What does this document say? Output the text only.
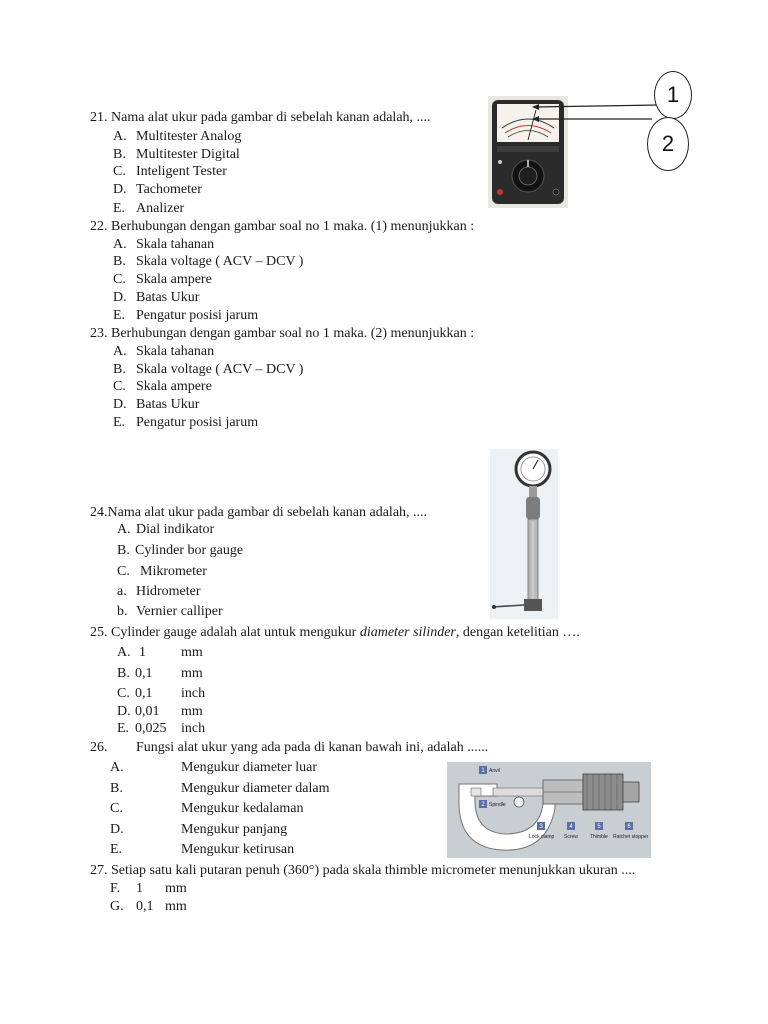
21. Nama alat ukur pada gambar di sebelah kanan adalah, ....
A. Multitester Analog
B. Multitester Digital
C. Inteligent Tester
D. Tachometer
E. Analizer
1
2
22. Berhubungan dengan gambar soal no 1 maka. (1) menunjukkan :
A. Skala tahanan
B. Skala voltage ( ACV – DCV )
C. Skala ampere
D. Batas Ukur
E. Pengatur posisi jarum
23. Berhubungan dengan gambar soal no 1 maka. (2) menunjukkan :
A. Skala tahanan
B. Skala voltage ( ACV – DCV )
C. Skala ampere
D. Batas Ukur
E. Pengatur posisi jarum
24.Nama alat ukur pada gambar di sebelah kanan adalah, ....
A. Dial indikator
B. Cylinder bor gauge
C. Mikrometer
a. Hidrometer
b. Vernier calliper
25. Cylinder gauge adalah alat untuk mengukur diameter silinder, dengan ketelitian ….
A. 1	mm
B. 0,1 mm
C. 0,1 inch
D. 0,01 mm
E. 0,025 inch
26. Fungsi alat ukur yang ada pada di kanan bawah ini, adalah ......
A.	Mengukur diameter luar
B.	Mengukur diameter dalam
C.	Mengukur kedalaman
D.	Mengukur panjang
E.	Mengukur ketirusan
1
2
3	4	5	6
Anvil
Spindle
Lock clamp Screw Thimble Ratchet stopper
27. Setiap satu kali putaran penuh (360°) pada skala thimble micrometer menunjukkan ukuran ....
F. 1 mm
G. 0,1 mm
